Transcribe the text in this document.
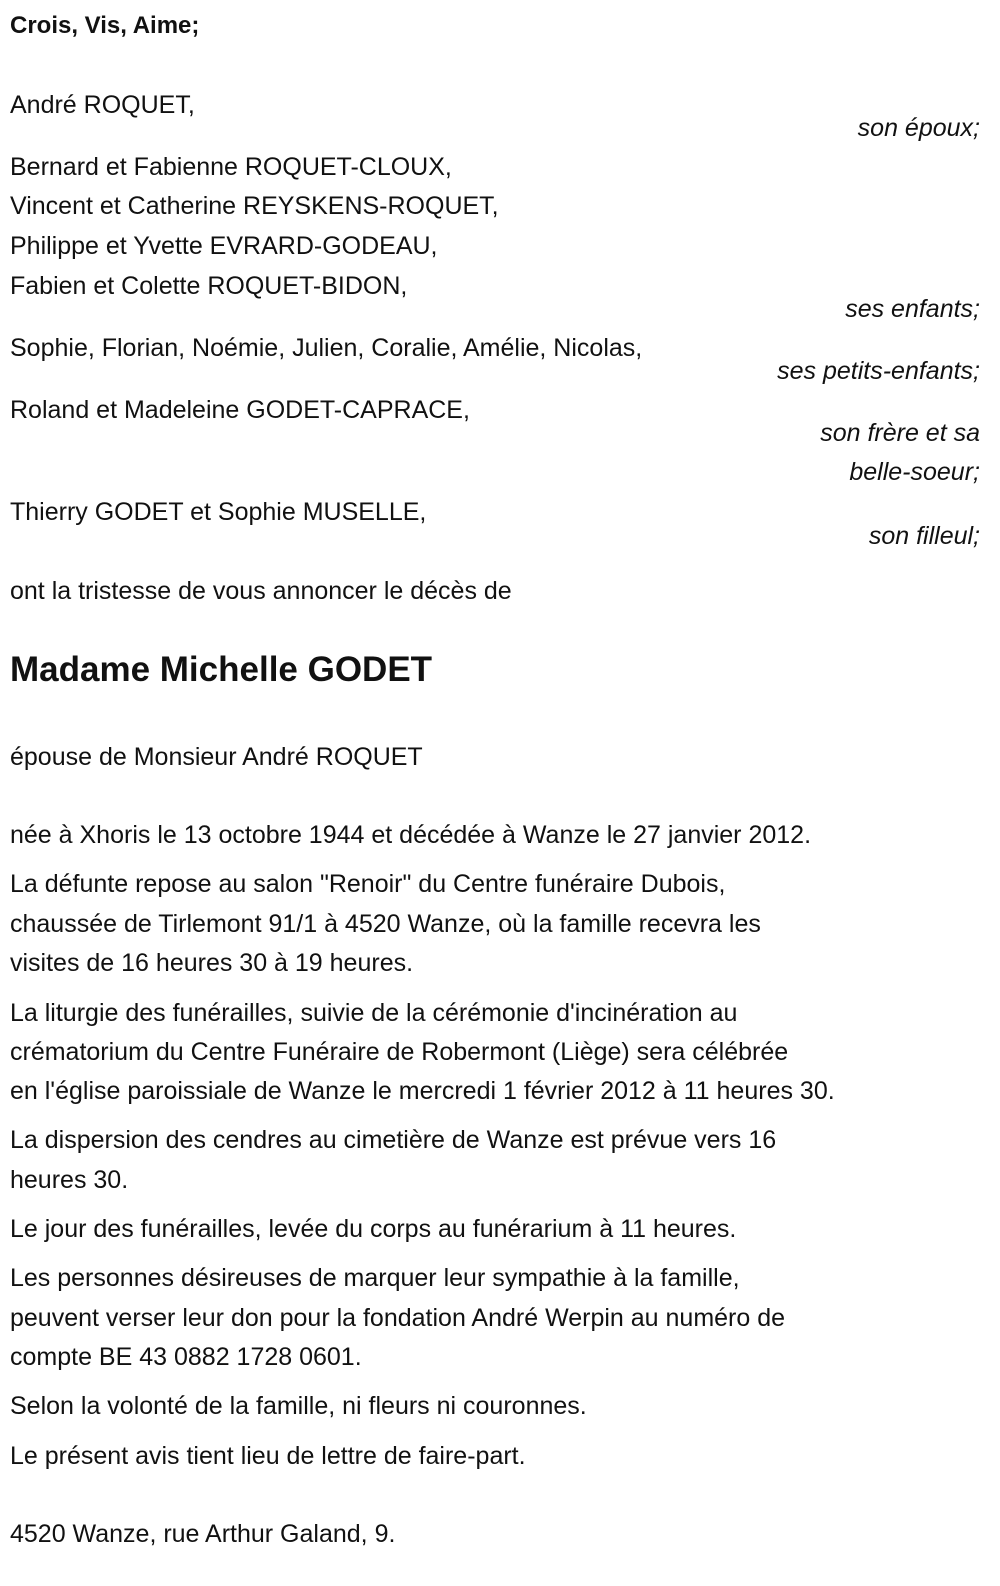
Crois, Vis, Aime;
André ROQUET,
son époux;
Bernard et Fabienne ROQUET-CLOUX,
Vincent et Catherine REYSKENS-ROQUET,
Philippe et Yvette EVRARD-GODEAU,
Fabien et Colette ROQUET-BIDON,
ses enfants;
Sophie, Florian, Noémie, Julien, Coralie, Amélie, Nicolas,
ses petits-enfants;
Roland et Madeleine GODET-CAPRACE,
son frère et sa
belle-soeur;
Thierry GODET et Sophie MUSELLE,
son filleul;
ont la tristesse de vous annoncer le décès de
Madame Michelle GODET
épouse de Monsieur André ROQUET
née à Xhoris le 13 octobre 1944 et décédée à Wanze le 27 janvier 2012.
La défunte repose au salon "Renoir" du Centre funéraire Dubois,
chaussée de Tirlemont 91/1 à 4520 Wanze, où la famille recevra les
visites de 16 heures 30 à 19 heures.
La liturgie des funérailles, suivie de la cérémonie d'incinération au
crématorium du Centre Funéraire de Robermont (Liège) sera célébrée
en l'église paroissiale de Wanze le mercredi 1 février 2012 à 11 heures 30.
La dispersion des cendres au cimetière de Wanze est prévue vers 16
heures 30.
Le jour des funérailles, levée du corps au funérarium à 11 heures.
Les personnes désireuses de marquer leur sympathie à la famille,
peuvent verser leur don pour la fondation André Werpin au numéro de
compte BE 43 0882 1728 0601.
Selon la volonté de la famille, ni fleurs ni couronnes.
Le présent avis tient lieu de lettre de faire-part.
4520 Wanze, rue Arthur Galand, 9.
